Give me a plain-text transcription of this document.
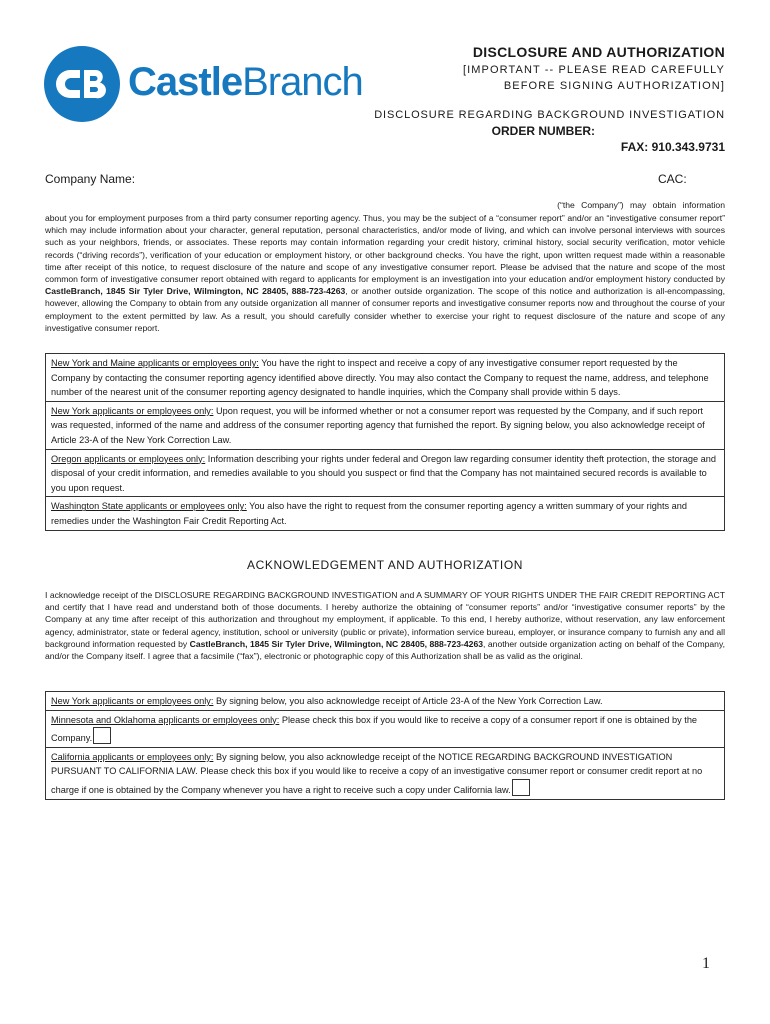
CastleBranch
DISCLOSURE AND AUTHORIZATION
[IMPORTANT -- PLEASE READ CAREFULLY
BEFORE SIGNING AUTHORIZATION]
DISCLOSURE REGARDING BACKGROUND INVESTIGATION
ORDER NUMBER:
FAX: 910.343.9731
Company Name:	CAC:
(“the Company”) may obtain information
about you for employment purposes from a third party consumer reporting agency. Thus, you may be the subject of a “consumer report” and/or an “investigative consumer report” which may include information about your character, general reputation, personal characteristics, and/or mode of living, and which can involve personal interviews with sources such as your neighbors, friends, or associates. These reports may contain information regarding your credit history, criminal history, social security verification, motor vehicle records (“driving records”), verification of your education or employment history, or other background checks. You have the right, upon written request made within a reasonable time after receipt of this notice, to request disclosure of the nature and scope of any investigative consumer report. Please be advised that the nature and scope of the most common form of investigative consumer report obtained with regard to applicants for employment is an investigation into your education and/or employment history conducted by CastleBranch, 1845 Sir Tyler Drive, Wilmington, NC 28405, 888-723-4263, or another outside organization. The scope of this notice and authorization is all-encompassing, however, allowing the Company to obtain from any outside organization all manner of consumer reports and investigative consumer reports now and throughout the course of your employment to the extent permitted by law. As a result, you should carefully consider whether to exercise your right to request disclosure of the nature and scope of any investigative consumer report.
New York and Maine applicants or employees only: You have the right to inspect and receive a copy of any investigative consumer report requested by the Company by contacting the consumer reporting agency identified above directly. You may also contact the Company to request the name, address, and telephone number of the nearest unit of the consumer reporting agency designated to handle inquiries, which the Company shall provide within 5 days.
New York applicants or employees only: Upon request, you will be informed whether or not a consumer report was requested by the Company, and if such report was requested, informed of the name and address of the consumer reporting agency that furnished the report. By signing below, you also acknowledge receipt of Article 23-A of the New York Correction Law.
Oregon applicants or employees only: Information describing your rights under federal and Oregon law regarding consumer identity theft protection, the storage and disposal of your credit information, and remedies available to you should you suspect or find that the Company has not maintained secured records is available to you upon request.
Washington State applicants or employees only: You also have the right to request from the consumer reporting agency a written summary of your rights and remedies under the Washington Fair Credit Reporting Act.
ACKNOWLEDGEMENT AND AUTHORIZATION
I acknowledge receipt of the DISCLOSURE REGARDING BACKGROUND INVESTIGATION and A SUMMARY OF YOUR RIGHTS UNDER THE FAIR CREDIT REPORTING ACT and certify that I have read and understand both of those documents. I hereby authorize the obtaining of “consumer reports” and/or “investigative consumer reports” by the Company at any time after receipt of this authorization and throughout my employment, if applicable. To this end, I hereby authorize, without reservation, any law enforcement agency, administrator, state or federal agency, institution, school or university (public or private), information service bureau, employer, or insurance company to furnish any and all background information requested by CastleBranch, 1845 Sir Tyler Drive, Wilmington, NC 28405, 888-723-4263, another outside organization acting on behalf of the Company, and/or the Company itself. I agree that a facsimile (“fax”), electronic or photographic copy of this Authorization shall be as valid as the original.
New York applicants or employees only: By signing below, you also acknowledge receipt of Article 23-A of the New York Correction Law.
Minnesota and Oklahoma applicants or employees only: Please check this box if you would like to receive a copy of a consumer report if one is obtained by the Company.
California applicants or employees only: By signing below, you also acknowledge receipt of the NOTICE REGARDING BACKGROUND INVESTIGATION PURSUANT TO CALIFORNIA LAW. Please check this box if you would like to receive a copy of an investigative consumer report or consumer credit report at no charge if one is obtained by the Company whenever you have a right to receive such a copy under California law.
1
